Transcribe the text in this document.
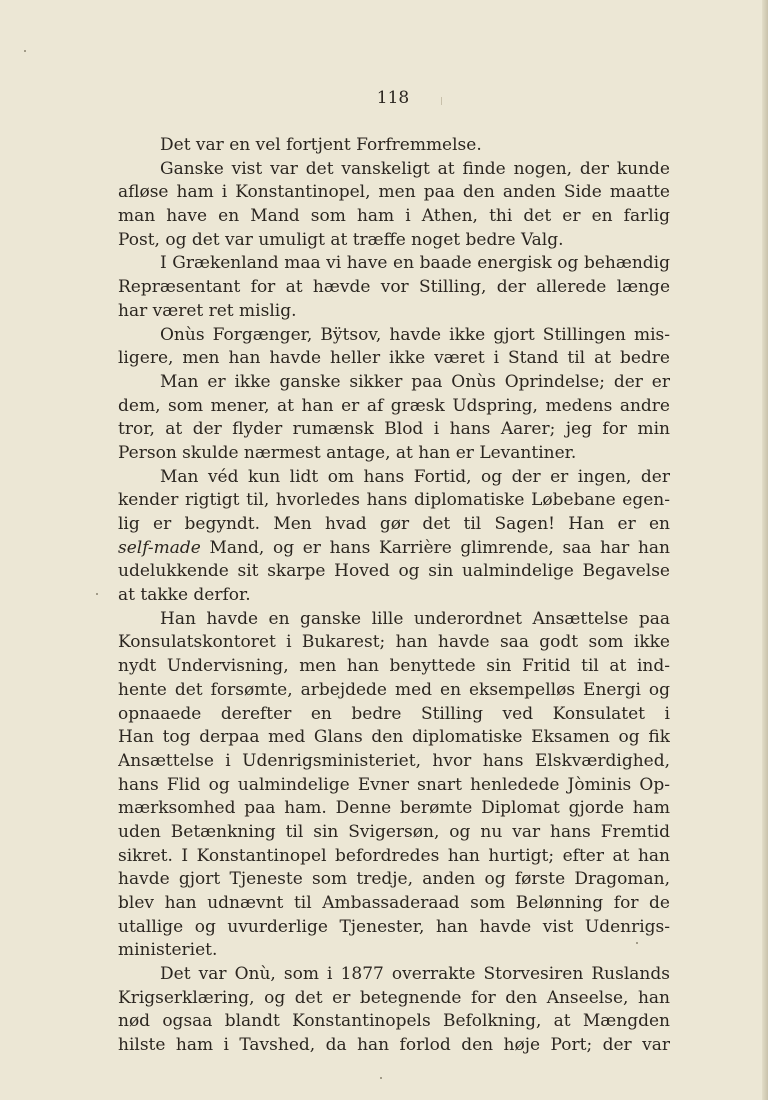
118
Det var en vel fortjent Forfremmelse.
Ganske vist var det vanskeligt at finde nogen, der kunde
afløse ham i Konstantinopel, men paa den anden Side maatte
man have en Mand som ham i Athen, thi det er en farlig
Post, og det var umuligt at træffe noget bedre Valg.
I Grækenland maa vi have en baade energisk og behændig
Repræsentant for at hævde vor Stilling, der allerede længe
har været ret mislig.
Onùs Forgænger, Bÿtsov, havde ikke gjort Stillingen mis-
ligere, men han havde heller ikke været i Stand til at bedre
Man er ikke ganske sikker paa Onùs Oprindelse; der er
dem, som mener, at han er af græsk Udspring, medens andre
tror, at der flyder rumænsk Blod i hans Aarer; jeg for min
Person skulde nærmest antage, at han er Levantiner.
Man véd kun lidt om hans Fortid, og der er ingen, der
kender rigtigt til, hvorledes hans diplomatiske Løbebane egen-
lig er begyndt. Men hvad gør det til Sagen! Han er en
self-made Mand, og er hans Karrière glimrende, saa har han
udelukkende sit skarpe Hoved og sin ualmindelige Begavelse
at takke derfor.
Han havde en ganske lille underordnet Ansættelse paa
Konsulatskontoret i Bukarest; han havde saa godt som ikke
nydt Undervisning, men han benyttede sin Fritid til at ind-
hente det forsømte, arbejdede med en eksempelløs Energi og
opnaaede derefter en bedre Stilling ved Konsulatet i
Han tog derpaa med Glans den diplomatiske Eksamen og fik
Ansættelse i Udenrigsministeriet, hvor hans Elskværdighed,
hans Flid og ualmindelige Evner snart henledede Jòminis Op-
mærksomhed paa ham. Denne berømte Diplomat gjorde ham
uden Betænkning til sin Svigersøn, og nu var hans Fremtid
sikret. I Konstantinopel befordredes han hurtigt; efter at han
havde gjort Tjeneste som tredje, anden og første Dragoman,
blev han udnævnt til Ambassaderaad som Belønning for de
utallige og uvurderlige Tjenester, han havde vist Udenrigs-
ministeriet.
Det var Onù, som i 1877 overrakte Storvesiren Ruslands
Krigserklæring, og det er betegnende for den Anseelse, han
nød ogsaa blandt Konstantinopels Befolkning, at Mængden
hilste ham i Tavshed, da han forlod den høje Port; der var
